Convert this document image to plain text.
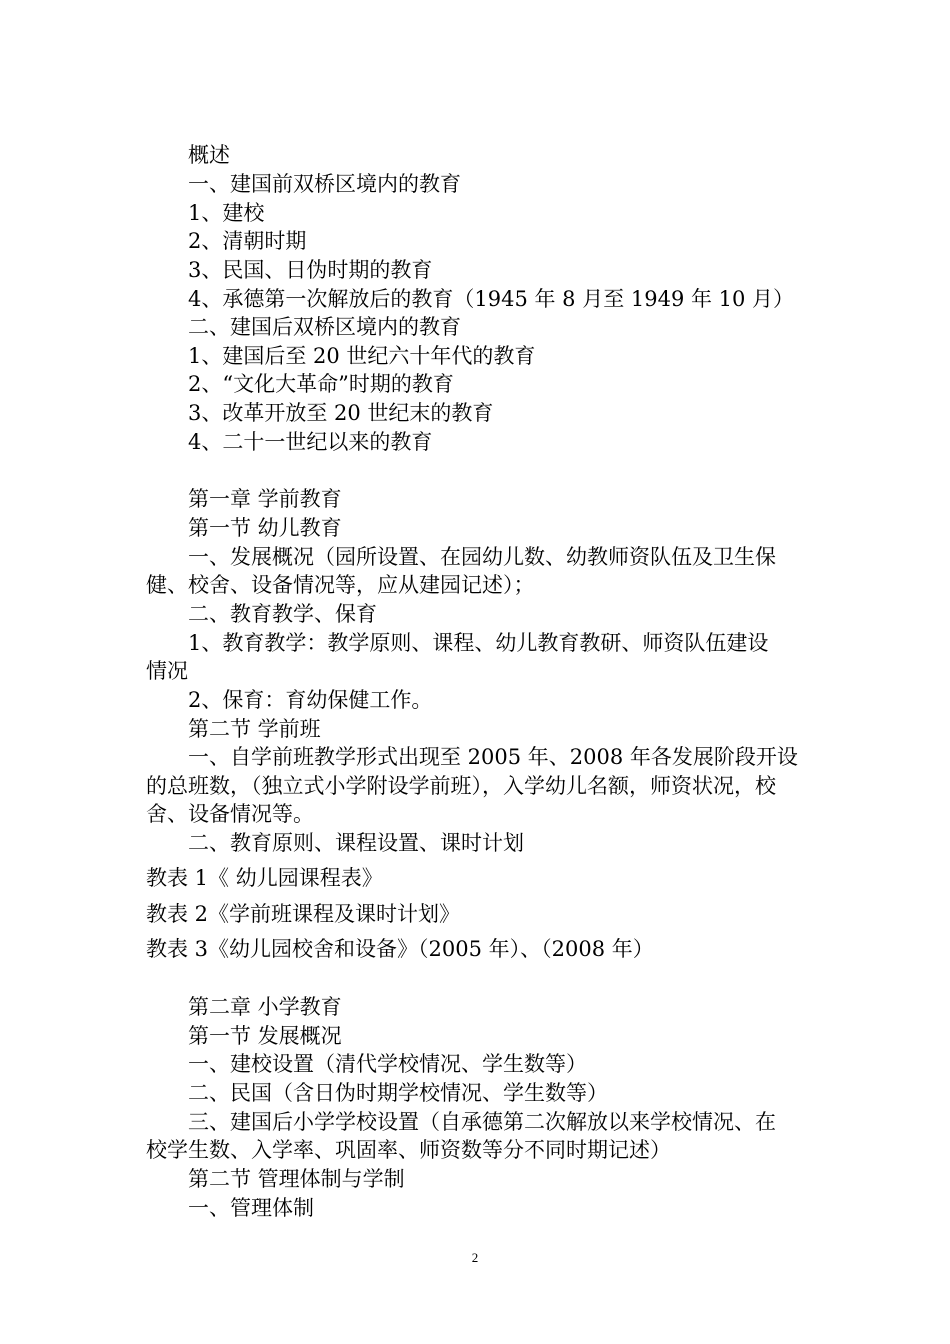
概述

一、建国前双桥区境内的教育

1、建校

2、清朝时期

3、民国、日伪时期的教育

4、承德第一次解放后的教育（1945 年 8 月至 1949 年 10 月）

二、建国后双桥区境内的教育

1、建国后至 20 世纪六十年代的教育

2、“文化大革命”时期的教育

3、改革开放至 20 世纪末的教育

4、二十一世纪以来的教育

第一章 学前教育

第一节 幼儿教育

一、发展概况（园所设置、在园幼儿数、幼教师资队伍及卫生保

健、校舍、设备情况等，应从建园记述）；

二、教育教学、保育

1、教育教学：教学原则、课程、幼儿教育教研、师资队伍建设

情况

2、保育：育幼保健工作。

第二节 学前班

一、自学前班教学形式出现至 2005 年、2008 年各发展阶段开设

的总班数，（独立式小学附设学前班），入学幼儿名额，师资状况，校

舍、设备情况等。

二、教育原则、课程设置、课时计划

教表 1《 幼儿园课程表》

教表 2《学前班课程及课时计划》

教表 3《幼儿园校舍和设备》（2005 年）、（2008 年）

第二章 小学教育

第一节 发展概况

一、建校设置（清代学校情况、学生数等）

二、民国（含日伪时期学校情况、学生数等）

三、建国后小学学校设置（自承德第二次解放以来学校情况、在

校学生数、入学率、巩固率、师资数等分不同时期记述）

第二节 管理体制与学制

一、管理体制

2
